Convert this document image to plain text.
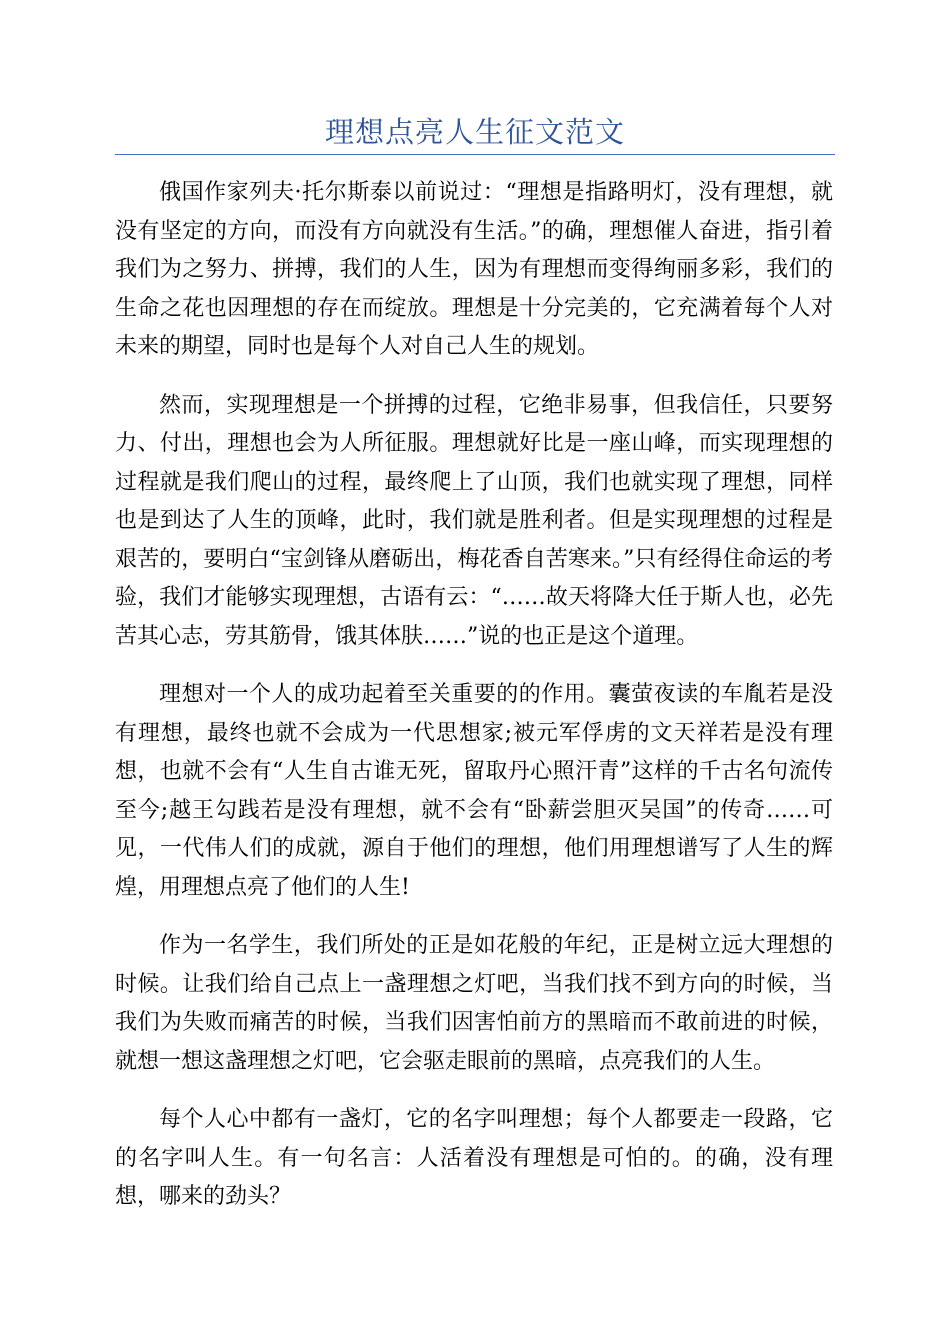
理想点亮人生征文范文

俄国作家列夫·托尔斯泰以前说过：“理想是指路明灯，没有理想，就没有坚定的方向，而没有方向就没有生活。”的确，理想催人奋进，指引着我们为之努力、拼搏，我们的人生，因为有理想而变得绚丽多彩，我们的生命之花也因理想的存在而绽放。理想是十分完美的，它充满着每个人对未来的期望，同时也是每个人对自己人生的规划。

然而，实现理想是一个拼搏的过程，它绝非易事，但我信任，只要努力、付出，理想也会为人所征服。理想就好比是一座山峰，而实现理想的过程就是我们爬山的过程，最终爬上了山顶，我们也就实现了理想，同样也是到达了人生的顶峰，此时，我们就是胜利者。但是实现理想的过程是艰苦的，要明白“宝剑锋从磨砺出，梅花香自苦寒来。”只有经得住命运的考验，我们才能够实现理想，古语有云：“……故天将降大任于斯人也，必先苦其心志，劳其筋骨，饿其体肤……”说的也正是这个道理。

理想对一个人的成功起着至关重要的的作用。囊萤夜读的车胤若是没有理想，最终也就不会成为一代思想家;被元军俘虏的文天祥若是没有理想，也就不会有“人生自古谁无死，留取丹心照汗青”这样的千古名句流传至今;越王勾践若是没有理想，就不会有“卧薪尝胆灭吴国”的传奇……可见，一代伟人们的成就，源自于他们的理想，他们用理想谱写了人生的辉煌，用理想点亮了他们的人生!

作为一名学生，我们所处的正是如花般的年纪，正是树立远大理想的时候。让我们给自己点上一盏理想之灯吧，当我们找不到方向的时候，当我们为失败而痛苦的时候，当我们因害怕前方的黑暗而不敢前进的时候，就想一想这盏理想之灯吧，它会驱走眼前的黑暗，点亮我们的人生。

每个人心中都有一盏灯，它的名字叫理想；每个人都要走一段路，它的名字叫人生。有一句名言：人活着没有理想是可怕的。的确，没有理想，哪来的劲头？
